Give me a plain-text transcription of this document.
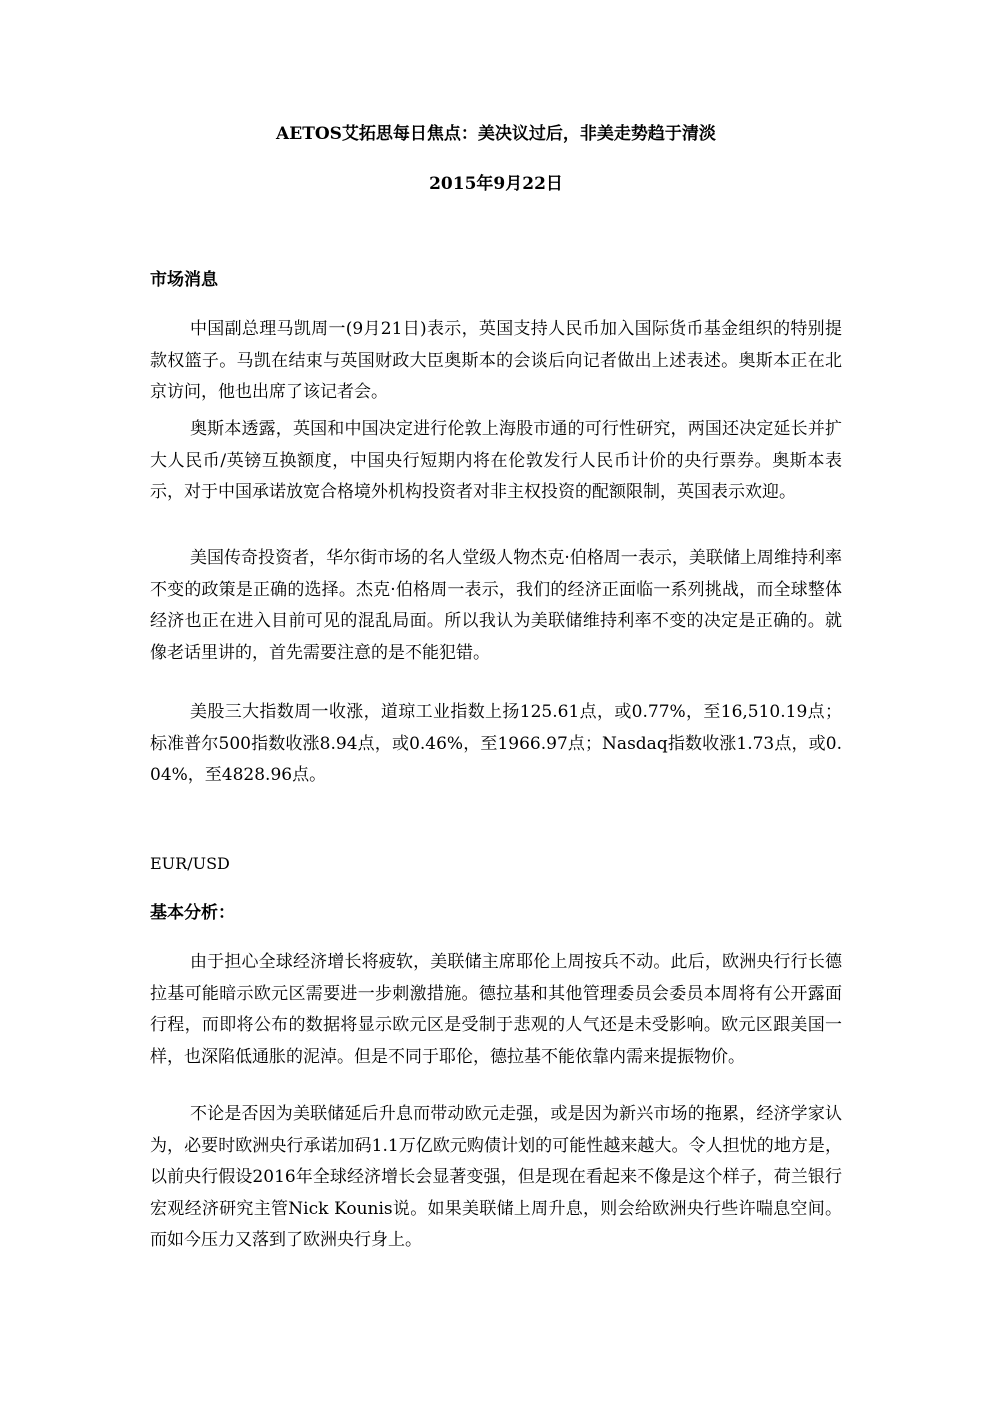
AETOS艾拓思每日焦点：美决议过后，非美走势趋于清淡

2015年9月22日

市场消息

中国副总理马凯周一(9月21日)表示，英国支持人民币加入国际货币基金组织的特别提款权篮子。马凯在结束与英国财政大臣奥斯本的会谈后向记者做出上述表述。奥斯本正在北京访问，他也出席了该记者会。

奥斯本透露，英国和中国决定进行伦敦上海股市通的可行性研究，两国还决定延长并扩大人民币/英镑互换额度，中国央行短期内将在伦敦发行人民币计价的央行票券。奥斯本表示，对于中国承诺放宽合格境外机构投资者对非主权投资的配额限制，英国表示欢迎。

美国传奇投资者，华尔街市场的名人堂级人物杰克·伯格周一表示，美联储上周维持利率不变的政策是正确的选择。杰克·伯格周一表示，我们的经济正面临一系列挑战，而全球整体经济也正在进入目前可见的混乱局面。所以我认为美联储维持利率不变的决定是正确的。就像老话里讲的，首先需要注意的是不能犯错。

美股三大指数周一收涨，道琼工业指数上扬125.61点，或0.77%，至16,510.19点；标准普尔500指数收涨8.94点，或0.46%，至1966.97点；Nasdaq指数收涨1.73点，或0.04%，至4828.96点。

EUR/USD

基本分析：

由于担心全球经济增长将疲软，美联储主席耶伦上周按兵不动。此后，欧洲央行行长德拉基可能暗示欧元区需要进一步刺激措施。德拉基和其他管理委员会委员本周将有公开露面行程，而即将公布的数据将显示欧元区是受制于悲观的人气还是未受影响。欧元区跟美国一样，也深陷低通胀的泥淖。但是不同于耶伦，德拉基不能依靠内需来提振物价。

不论是否因为美联储延后升息而带动欧元走强，或是因为新兴市场的拖累，经济学家认为，必要时欧洲央行承诺加码1.1万亿欧元购债计划的可能性越来越大。令人担忧的地方是，以前央行假设2016年全球经济增长会显著变强，但是现在看起来不像是这个样子，荷兰银行宏观经济研究主管Nick Kounis说。如果美联储上周升息，则会给欧洲央行些许喘息空间。而如今压力又落到了欧洲央行身上。
